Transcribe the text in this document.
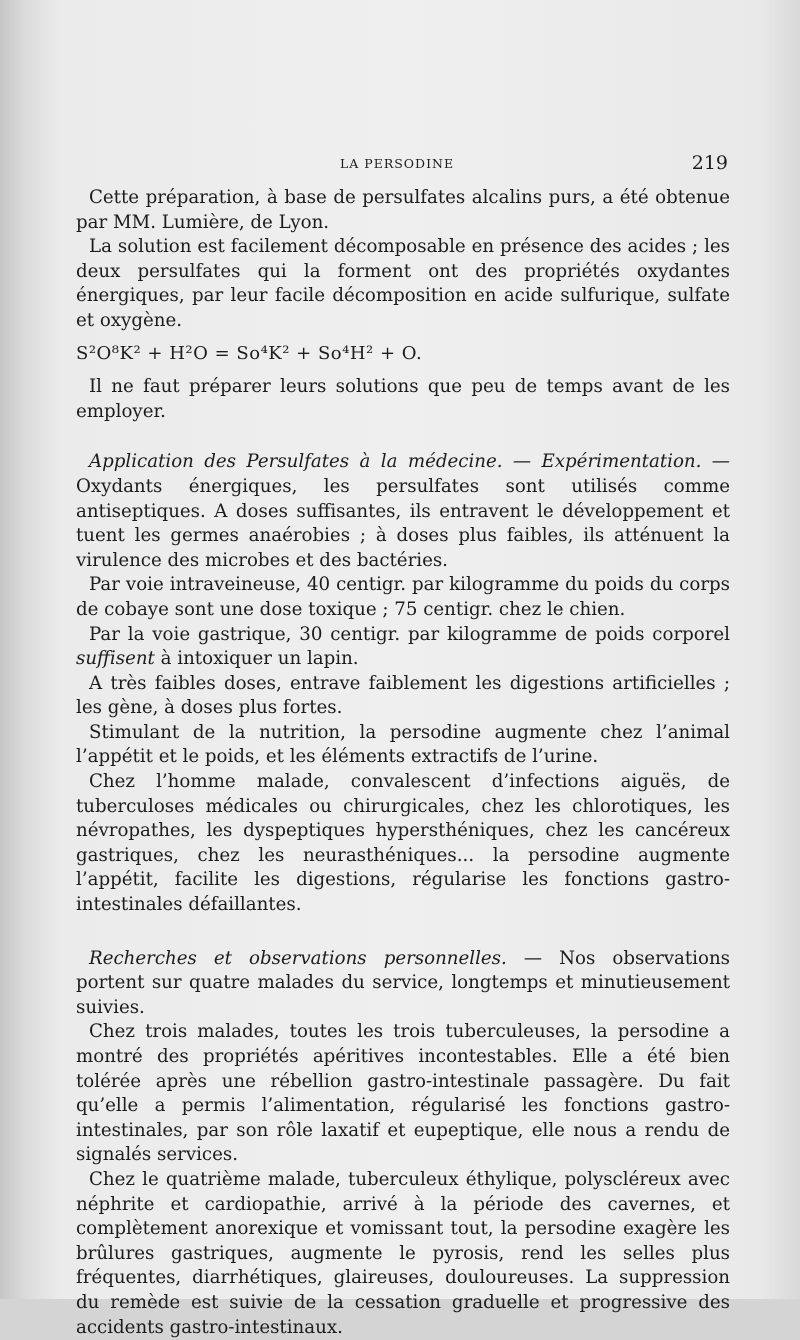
LA PERSODINE	219

Cette préparation, à base de persulfates alcalins purs, a été obtenue par MM. Lumière, de Lyon.

La solution est facilement décomposable en présence des acides ; les deux persulfates qui la forment ont des propriétés oxydantes énergiques, par leur facile décomposition en acide sulfurique, sulfate et oxygène.

S²O⁸K² + H²O = So⁴K² + So⁴H² + O.

Il ne faut préparer leurs solutions que peu de temps avant de les employer.

Application des Persulfates à la médecine. — Expérimentation. — Oxydants énergiques, les persulfates sont utilisés comme antiseptiques. A doses suffisantes, ils entravent le développement et tuent les germes anaérobies ; à doses plus faibles, ils atténuent la virulence des microbes et des bactéries.

Par voie intraveineuse, 40 centigr. par kilogramme du poids du corps de cobaye sont une dose toxique ; 75 centigr. chez le chien.

Par la voie gastrique, 30 centigr. par kilogramme de poids corporel suffisent à intoxiquer un lapin.

A très faibles doses, entrave faiblement les digestions artificielles ; les gène, à doses plus fortes.

Stimulant de la nutrition, la persodine augmente chez l’animal l’appétit et le poids, et les éléments extractifs de l’urine.

Chez l’homme malade, convalescent d’infections aiguës, de tuberculoses médicales ou chirurgicales, chez les chlorotiques, les névropathes, les dyspeptiques hypersthéniques, chez les cancéreux gastriques, chez les neurasthéniques... la persodine augmente l’appétit, facilite les digestions, régularise les fonctions gastro-intestinales défaillantes.

Recherches et observations personnelles. — Nos observations portent sur quatre malades du service, longtemps et minutieusement suivies.

Chez trois malades, toutes les trois tuberculeuses, la persodine a montré des propriétés apéritives incontestables. Elle a été bien tolérée après une rébellion gastro-intestinale passagère. Du fait qu’elle a permis l’alimentation, régularisé les fonctions gastro-intestinales, par son rôle laxatif et eupeptique, elle nous a rendu de signalés services.

Chez le quatrième malade, tuberculeux éthylique, polyscléreux avec néphrite et cardiopathie, arrivé à la période des cavernes, et complètement anorexique et vomissant tout, la persodine exagère les brûlures gastriques, augmente le pyrosis, rend les selles plus fréquentes, diarrhétiques, glaireuses, douloureuses. La suppression du remède est suivie de la cessation graduelle et progressive des accidents gastro-intestinaux.
